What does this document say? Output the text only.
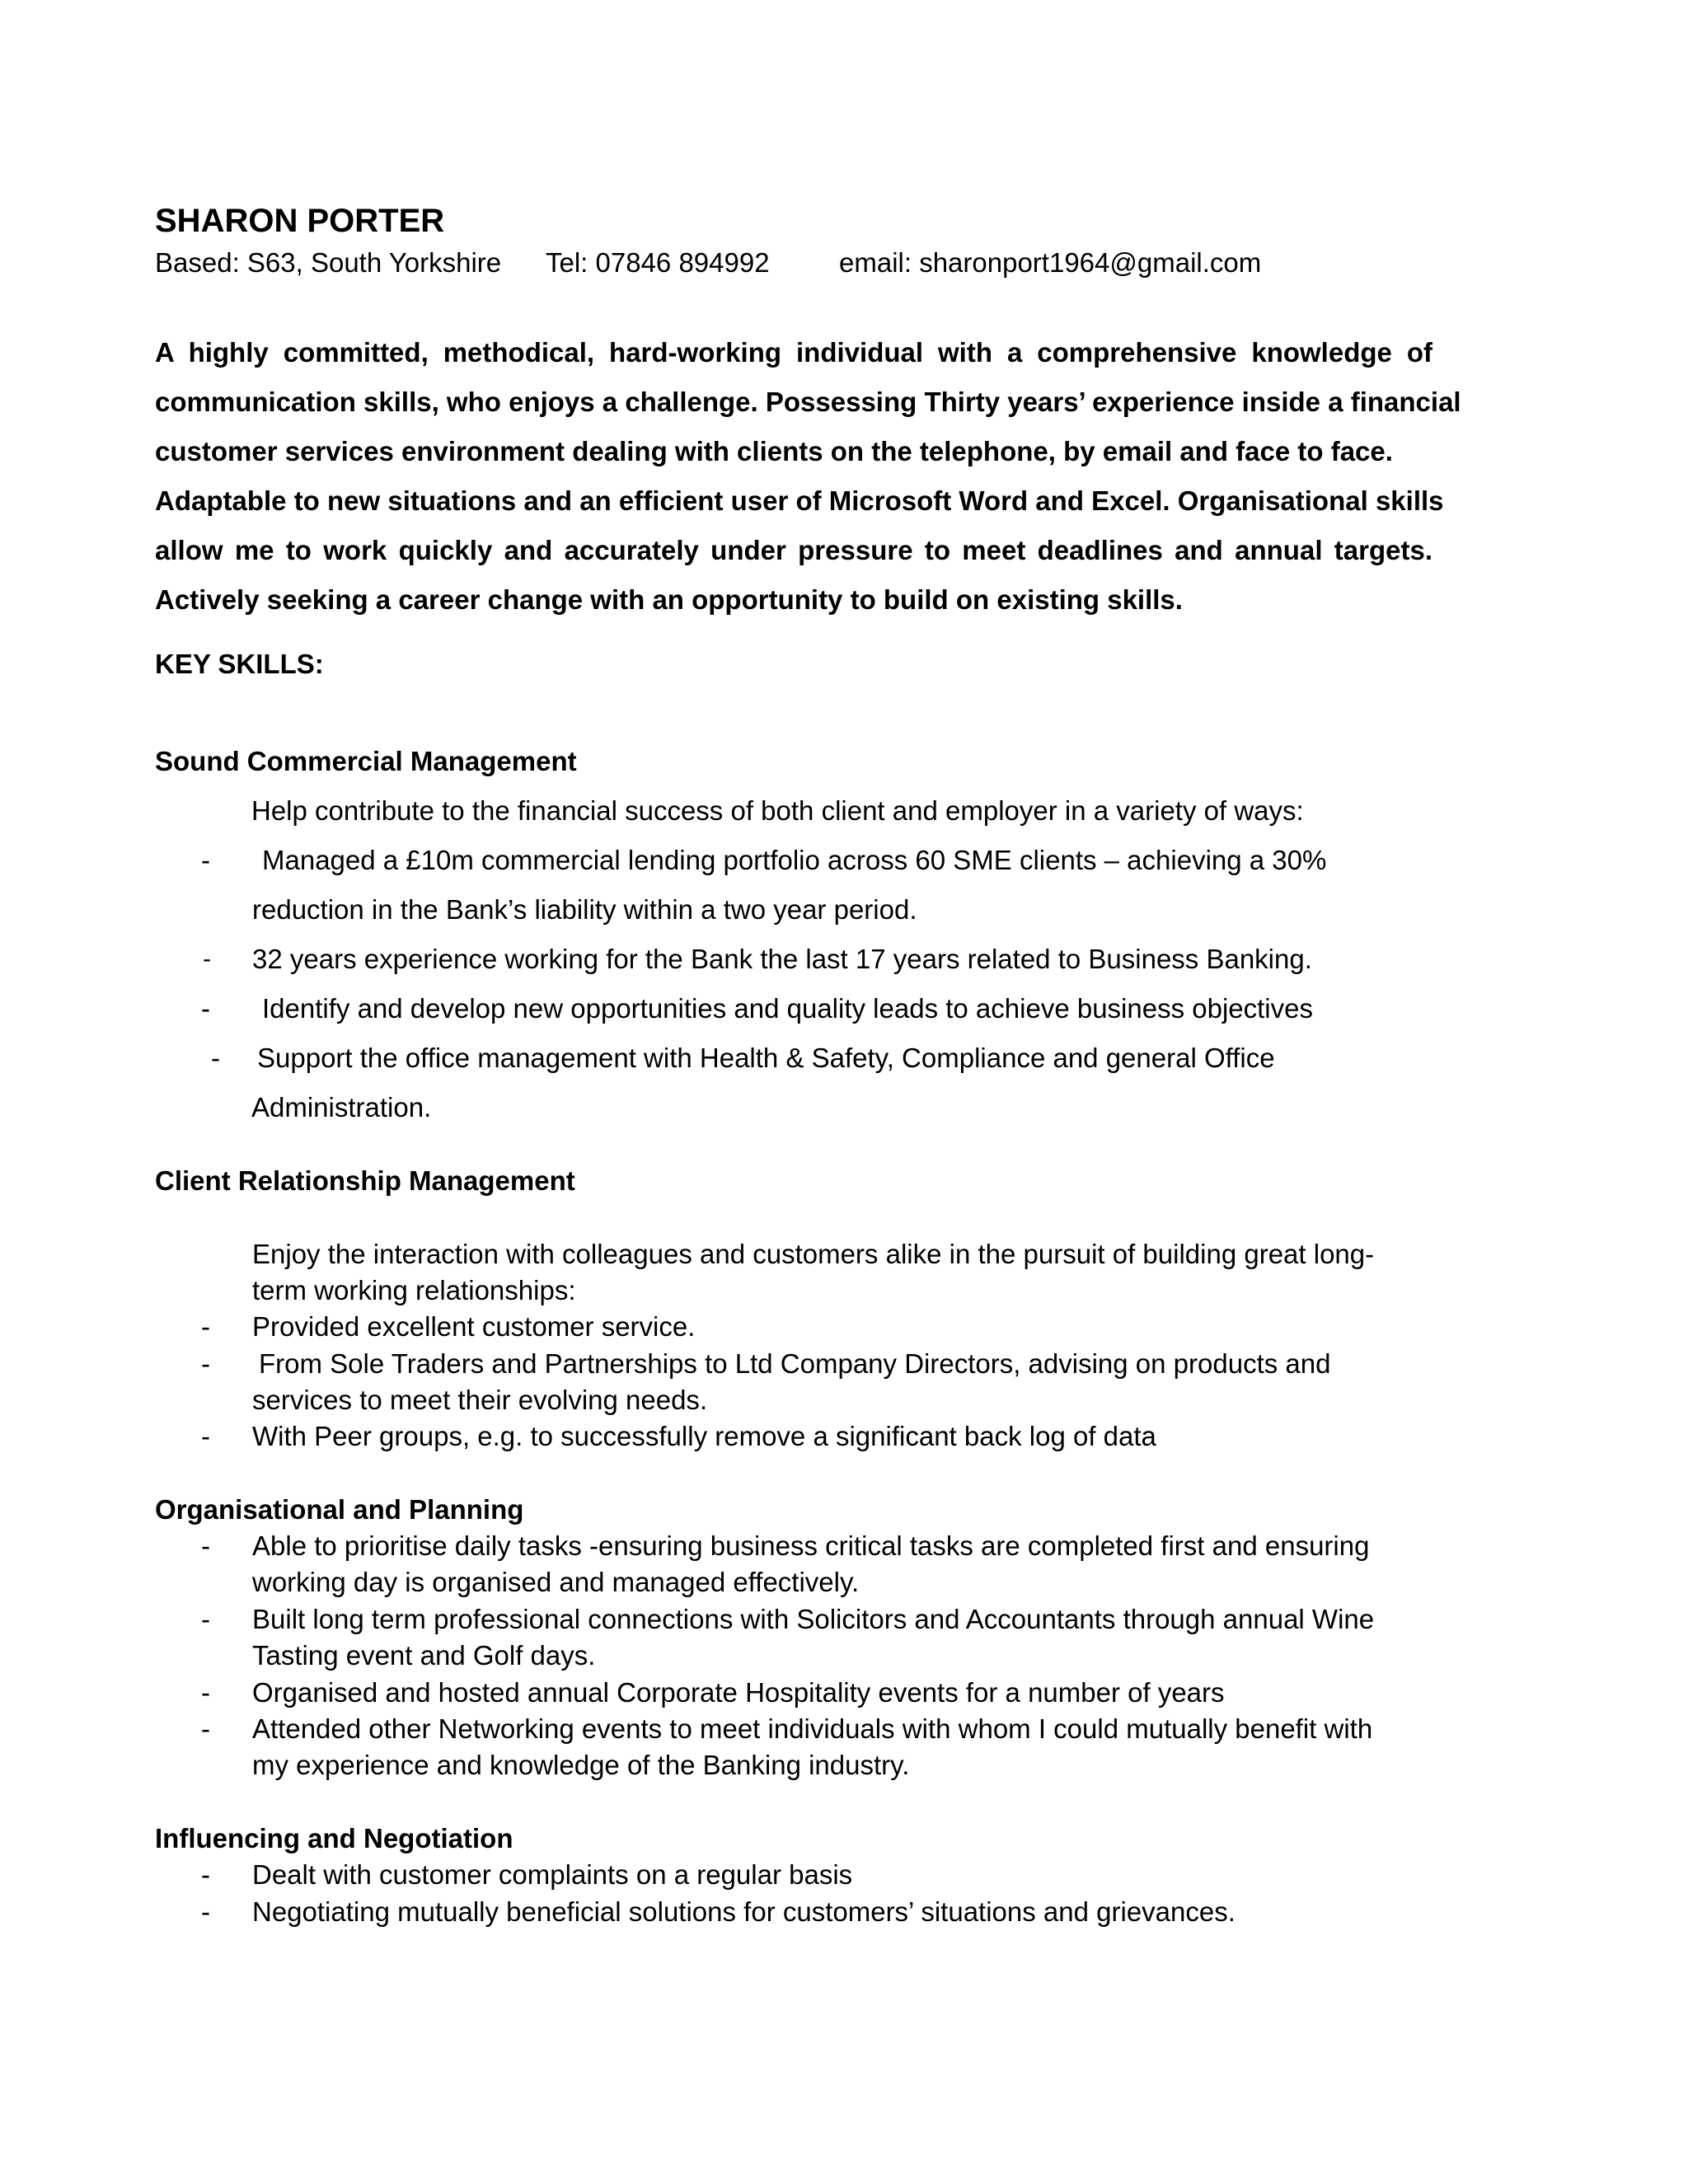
SHARON PORTER
Based: S63, South Yorkshire Tel: 07846 894992	email: sharonport1964@gmail.com
A highly committed, methodical, hard-working individual with a comprehensive knowledge of
communication skills, who enjoys a challenge. Possessing Thirty years’ experience inside a financial
customer services environment dealing with clients on the telephone, by email and face to face.
Adaptable to new situations and an efficient user of Microsoft Word and Excel. Organisational skills
allow me to work quickly and accurately under pressure to meet deadlines and annual targets.
Actively seeking a career change with an opportunity to build on existing skills.
KEY SKILLS:
Sound Commercial Management
Help contribute to the financial success of both client and employer in a variety of ways:
- Managed a £10m commercial lending portfolio across 60 SME clients – achieving a 30%
reduction in the Bank’s liability within a two year period.
- 32 years experience working for the Bank the last 17 years related to Business Banking.
- Identify and develop new opportunities and quality leads to achieve business objectives
- Support the office management with Health & Safety, Compliance and general Office
Administration.
Client Relationship Management
Enjoy the interaction with colleagues and customers alike in the pursuit of building great long-
term working relationships:
- Provided excellent customer service.
- From Sole Traders and Partnerships to Ltd Company Directors, advising on products and
services to meet their evolving needs.
- With Peer groups, e.g. to successfully remove a significant back log of data
Organisational and Planning
- Able to prioritise daily tasks -ensuring business critical tasks are completed first and ensuring
working day is organised and managed effectively.
- Built long term professional connections with Solicitors and Accountants through annual Wine
Tasting event and Golf days.
- Organised and hosted annual Corporate Hospitality events for a number of years
- Attended other Networking events to meet individuals with whom I could mutually benefit with
my experience and knowledge of the Banking industry.
Influencing and Negotiation
- Dealt with customer complaints on a regular basis
- Negotiating mutually beneficial solutions for customers’ situations and grievances.
